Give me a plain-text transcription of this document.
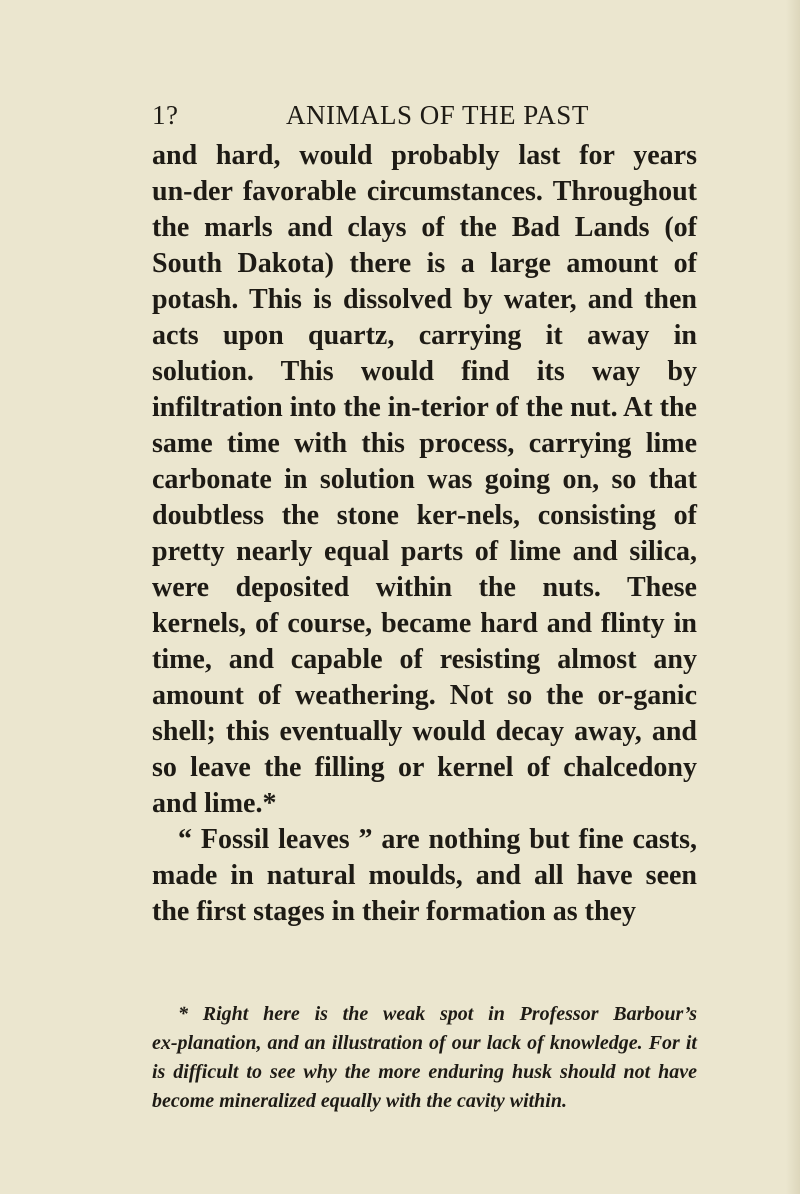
1?	ANIMALS OF THE PAST

and hard, would probably last for years un‑der favorable circumstances. Throughout the marls and clays of the Bad Lands (of South Dakota) there is a large amount of potash. This is dissolved by water, and then acts upon quartz, carrying it away in solution. This would find its way by infiltration into the in‑terior of the nut. At the same time with this process, carrying lime carbonate in solution was going on, so that doubtless the stone ker‑nels, consisting of pretty nearly equal parts of lime and silica, were deposited within the nuts. These kernels, of course, became hard and flinty in time, and capable of resisting almost any amount of weathering. Not so the or‑ganic shell; this eventually would decay away, and so leave the filling or kernel of chalcedony and lime.*

“ Fossil leaves ” are nothing but fine casts, made in natural moulds, and all have seen the first stages in their formation as they

* Right here is the weak spot in Professor Barbour’s ex‑planation, and an illustration of our lack of knowledge. For it is difficult to see why the more enduring husk should not have become mineralized equally with the cavity within.
